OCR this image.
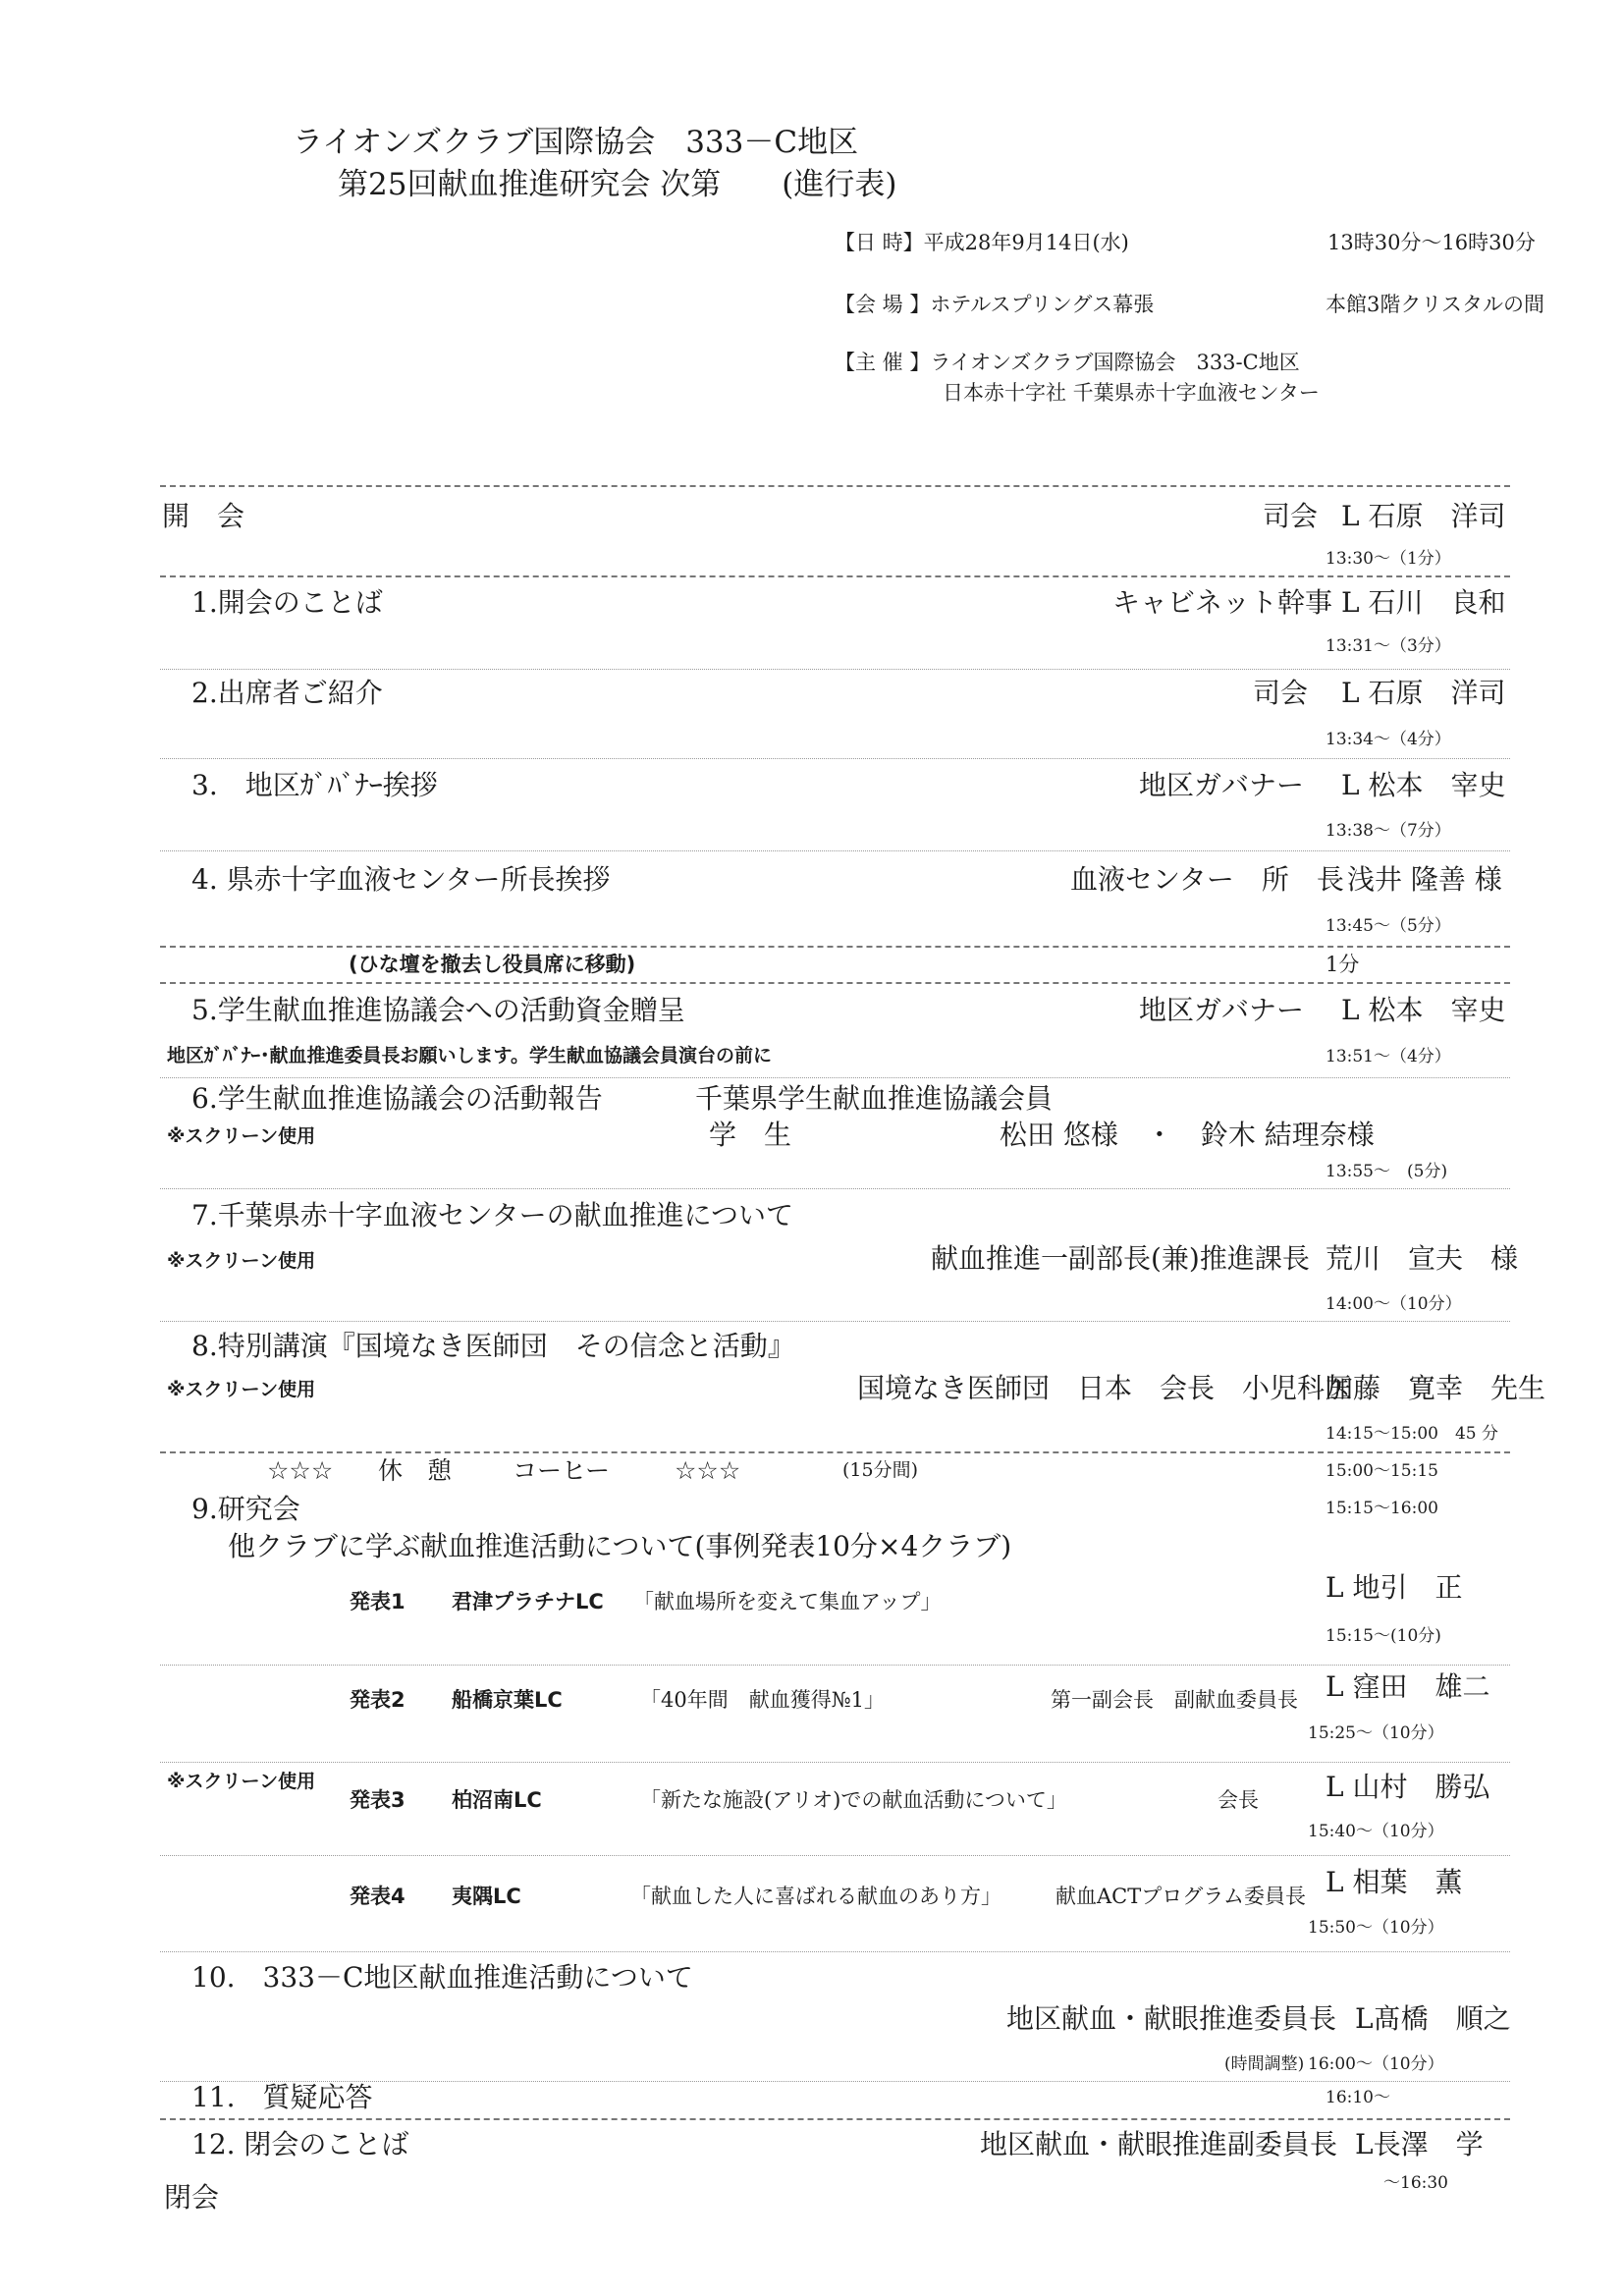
ライオンズクラブ国際協会　333－C地区
第25回献血推進研究会 次第　　(進行表)
【日 時】平成28年9月14日(水)	13時30分～16時30分
【会 場 】ホテルスプリングス幕張	本館3階クリスタルの間
【主 催 】ライオンズクラブ国際協会　333-C地区
日本赤十字社 千葉県赤十字血液センター
開　会	司会 L 石原　洋司
13:30～（1分）
1.開会のことば	キャビネット幹事 L 石川　良和
13:31～（3分）
2.出席者ご紹介	司会 L 石原　洋司
13:34～（4分）
3.　地区ｶﾞﾊﾞﾅｰ挨拶	地区ガバナー L 松本　宰史
13:38～（7分）
4. 県赤十字血液センター所長挨拶	血液センター　所　長 浅井 隆善 様
13:45～（5分）
(ひな壇を撤去し役員席に移動)	1分
5.学生献血推進協議会への活動資金贈呈	地区ガバナー L 松本　宰史
地区ｶﾞﾊﾞﾅｰ･献血推進委員長お願いします。学生献血協議会員演台の前に	13:51～（4分）
6.学生献血推進協議会の活動報告	千葉県学生献血推進協議会員
※スクリーン使用	学　生	松田 悠様　・　鈴木 結理奈様
13:55～　(5分)
7.千葉県赤十字血液センターの献血推進について
※スクリーン使用	献血推進一副部長(兼)推進課長 荒川　宣夫　様
14:00～（10分）
8.特別講演『国境なき医師団　その信念と活動』
※スクリーン使用	国境なき医師団　日本　会長　小児科医
加藤　寛幸　先生
14:15～15:00　45 分
☆☆☆ 休　憩 コーヒー	☆☆☆	(15分間)	15:00～15:15
9.研究会	15:15～16:00
他クラブに学ぶ献血推進活動について(事例発表10分×4クラブ)
※スクリーン使用
発表1 君津プラチナLC 「献血場所を変えて集血アップ」	L 地引　正
15:15～(10分)
発表2 船橋京葉LC	「40年間　献血獲得№1」	第一副会長　副献血委員長 L 窪田　雄二
15:25～（10分）
発表3 柏沼南LC	「新たな施設(アリオ)での献血活動について」	会長 L 山村　勝弘
15:40～（10分）
発表4 夷隅LC	「献血した人に喜ばれる献血のあり方」	献血ACTプログラム委員長 L 相葉　薫
15:50～（10分）
10.　333－C地区献血推進活動について
地区献血・献眼推進委員長 L髙橋　順之
(時間調整) 16:00～（10分）
11.　質疑応答	16:10～
12. 閉会のことば	地区献血・献眼推進副委員長 L長澤　学
～16:30
閉会
